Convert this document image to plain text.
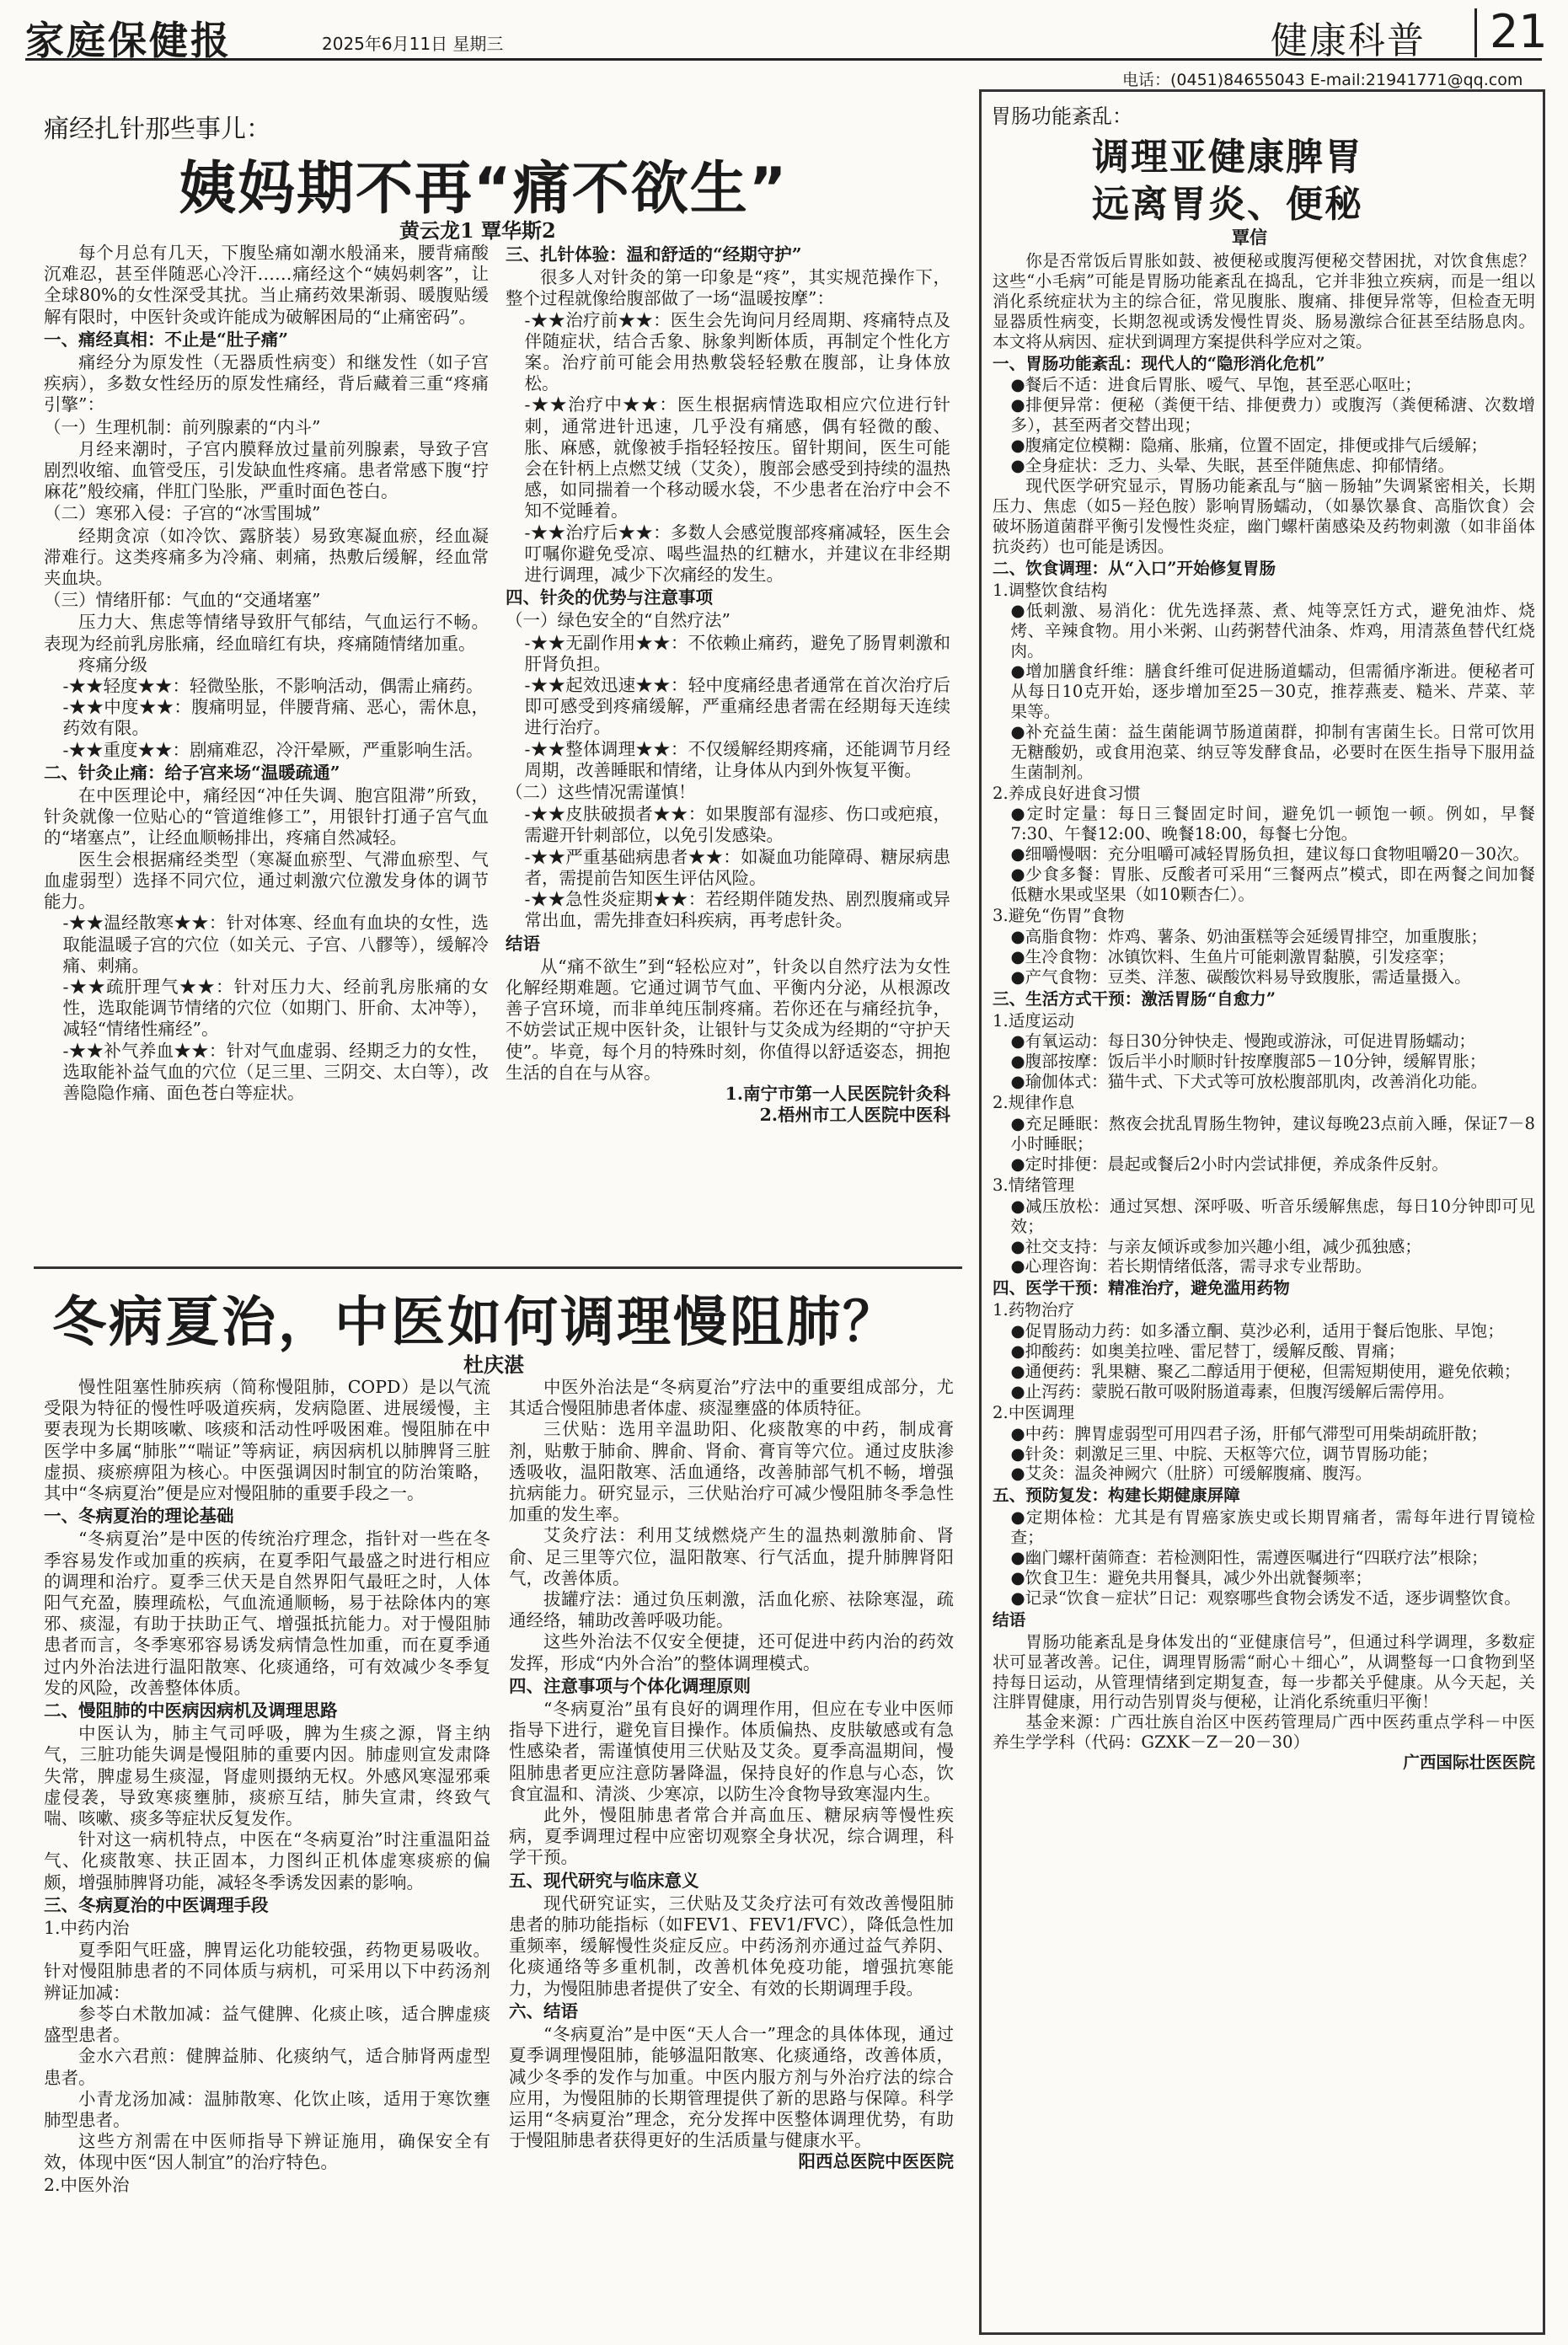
家庭保健报	2025年6月11日 星期三	健康科普 21
电话：(0451)84655043 E-mail:21941771@qq.com
痛经扎针那些事儿：
姨妈期不再“痛不欲生”
黄云龙1 覃华斯2

每个月总有几天，下腹坠痛如潮水般涌来，腰背痛酸沉难忍，甚至伴随恶心冷汗……痛经这个“姨妈刺客”，让全球80%的女性深受其扰。当止痛药效果渐弱、暖腹贴缓解有限时，中医针灸或许能成为破解困局的“止痛密码”。

一、痛经真相：不止是“肚子痛”

痛经分为原发性（无器质性病变）和继发性（如子宫疾病），多数女性经历的原发性痛经，背后藏着三重“疼痛引擎”：

（一）生理机制：前列腺素的“内斗”

月经来潮时，子宫内膜释放过量前列腺素，导致子宫剧烈收缩、血管受压，引发缺血性疼痛。患者常感下腹“拧麻花”般绞痛，伴肛门坠胀，严重时面色苍白。

（二）寒邪入侵：子宫的“冰雪围城”

经期贪凉（如冷饮、露脐装）易致寒凝血瘀，经血凝滞难行。这类疼痛多为冷痛、刺痛，热敷后缓解，经血常夹血块。

（三）情绪肝郁：气血的“交通堵塞”

压力大、焦虑等情绪导致肝气郁结，气血运行不畅。表现为经前乳房胀痛，经血暗红有块，疼痛随情绪加重。

疼痛分级

-★★轻度★★：轻微坠胀，不影响活动，偶需止痛药。

-★★中度★★：腹痛明显，伴腰背痛、恶心，需休息，药效有限。

-★★重度★★：剧痛难忍，冷汗晕厥，严重影响生活。

二、针灸止痛：给子宫来场“温暖疏通”

在中医理论中，痛经因“冲任失调、胞宫阻滞”所致，针灸就像一位贴心的“管道维修工”，用银针打通子宫气血的“堵塞点”，让经血顺畅排出，疼痛自然减轻。

医生会根据痛经类型（寒凝血瘀型、气滞血瘀型、气血虚弱型）选择不同穴位，通过刺激穴位激发身体的调节能力。

-★★温经散寒★★：针对体寒、经血有血块的女性，选取能温暖子宫的穴位（如关元、子宫、八髎等），缓解冷痛、刺痛。

-★★疏肝理气★★：针对压力大、经前乳房胀痛的女性，选取能调节情绪的穴位（如期门、肝俞、太冲等），减轻“情绪性痛经”。

-★★补气养血★★：针对气血虚弱、经期乏力的女性，选取能补益气血的穴位（足三里、三阴交、太白等），改善隐隐作痛、面色苍白等症状。

三、扎针体验：温和舒适的“经期守护”

很多人对针灸的第一印象是“疼”，其实规范操作下，整个过程就像给腹部做了一场“温暖按摩”：

-★★治疗前★★：医生会先询问月经周期、疼痛特点及伴随症状，结合舌象、脉象判断体质，再制定个性化方案。治疗前可能会用热敷袋轻轻敷在腹部，让身体放松。

-★★治疗中★★：医生根据病情选取相应穴位进行针刺，通常进针迅速，几乎没有痛感，偶有轻微的酸、胀、麻感，就像被手指轻轻按压。留针期间，医生可能会在针柄上点燃艾绒（艾灸），腹部会感受到持续的温热感，如同揣着一个移动暖水袋，不少患者在治疗中会不知不觉睡着。

-★★治疗后★★：多数人会感觉腹部疼痛减轻，医生会叮嘱你避免受凉、喝些温热的红糖水，并建议在非经期进行调理，减少下次痛经的发生。

四、针灸的优势与注意事项

（一）绿色安全的“自然疗法”

-★★无副作用★★：不依赖止痛药，避免了肠胃刺激和肝肾负担。

-★★起效迅速★★：轻中度痛经患者通常在首次治疗后即可感受到疼痛缓解，严重痛经患者需在经期每天连续进行治疗。

-★★整体调理★★：不仅缓解经期疼痛，还能调节月经周期，改善睡眠和情绪，让身体从内到外恢复平衡。

（二）这些情况需谨慎！

-★★皮肤破损者★★：如果腹部有湿疹、伤口或疤痕，需避开针刺部位，以免引发感染。

-★★严重基础病患者★★：如凝血功能障碍、糖尿病患者，需提前告知医生评估风险。

-★★急性炎症期★★：若经期伴随发热、剧烈腹痛或异常出血，需先排查妇科疾病，再考虑针灸。

结语

从“痛不欲生”到“轻松应对”，针灸以自然疗法为女性化解经期难题。它通过调节气血、平衡内分泌，从根源改善子宫环境，而非单纯压制疼痛。若你还在与痛经抗争，不妨尝试正规中医针灸，让银针与艾灸成为经期的“守护天使”。毕竟，每个月的特殊时刻，你值得以舒适姿态，拥抱生活的自在与从容。

1.南宁市第一人民医院针灸科

2.梧州市工人医院中医科

冬病夏治，中医如何调理慢阻肺？
杜庆湛

慢性阻塞性肺疾病（简称慢阻肺，COPD）是以气流受限为特征的慢性呼吸道疾病，发病隐匿、进展缓慢，主要表现为长期咳嗽、咳痰和活动性呼吸困难。慢阻肺在中医学中多属“肺胀”“喘证”等病证，病因病机以肺脾肾三脏虚损、痰瘀痹阻为核心。中医强调因时制宜的防治策略，其中“冬病夏治”便是应对慢阻肺的重要手段之一。

一、冬病夏治的理论基础

“冬病夏治”是中医的传统治疗理念，指针对一些在冬季容易发作或加重的疾病，在夏季阳气最盛之时进行相应的调理和治疗。夏季三伏天是自然界阳气最旺之时，人体阳气充盈，腠理疏松，气血流通顺畅，易于祛除体内的寒邪、痰湿，有助于扶助正气、增强抵抗能力。对于慢阻肺患者而言，冬季寒邪容易诱发病情急性加重，而在夏季通过内外治法进行温阳散寒、化痰通络，可有效减少冬季复发的风险，改善整体体质。

二、慢阻肺的中医病因病机及调理思路

中医认为，肺主气司呼吸，脾为生痰之源，肾主纳气，三脏功能失调是慢阻肺的重要内因。肺虚则宣发肃降失常，脾虚易生痰湿，肾虚则摄纳无权。外感风寒湿邪乘虚侵袭，导致寒痰壅肺，痰瘀互结，肺失宣肃，终致气喘、咳嗽、痰多等症状反复发作。

针对这一病机特点，中医在“冬病夏治”时注重温阳益气、化痰散寒、扶正固本，力图纠正机体虚寒痰瘀的偏颇，增强肺脾肾功能，减轻冬季诱发因素的影响。

三、冬病夏治的中医调理手段

1.中药内治

夏季阳气旺盛，脾胃运化功能较强，药物更易吸收。针对慢阻肺患者的不同体质与病机，可采用以下中药汤剂辨证加减：

参苓白术散加减：益气健脾、化痰止咳，适合脾虚痰盛型患者。

金水六君煎：健脾益肺、化痰纳气，适合肺肾两虚型患者。

小青龙汤加减：温肺散寒、化饮止咳，适用于寒饮壅肺型患者。

这些方剂需在中医师指导下辨证施用，确保安全有效，体现中医“因人制宜”的治疗特色。

2.中医外治

中医外治法是“冬病夏治”疗法中的重要组成部分，尤其适合慢阻肺患者体虚、痰湿壅盛的体质特征。

三伏贴：选用辛温助阳、化痰散寒的中药，制成膏剂，贴敷于肺俞、脾俞、肾俞、膏肓等穴位。通过皮肤渗透吸收，温阳散寒、活血通络，改善肺部气机不畅，增强抗病能力。研究显示，三伏贴治疗可减少慢阻肺冬季急性加重的发生率。

艾灸疗法：利用艾绒燃烧产生的温热刺激肺俞、肾俞、足三里等穴位，温阳散寒、行气活血，提升肺脾肾阳气，改善体质。

拔罐疗法：通过负压刺激，活血化瘀、祛除寒湿，疏通经络，辅助改善呼吸功能。

这些外治法不仅安全便捷，还可促进中药内治的药效发挥，形成“内外合治”的整体调理模式。

四、注意事项与个体化调理原则

“冬病夏治”虽有良好的调理作用，但应在专业中医师指导下进行，避免盲目操作。体质偏热、皮肤敏感或有急性感染者，需谨慎使用三伏贴及艾灸。夏季高温期间，慢阻肺患者更应注意防暑降温，保持良好的作息与心态，饮食宜温和、清淡、少寒凉，以防生冷食物导致寒湿内生。

此外，慢阻肺患者常合并高血压、糖尿病等慢性疾病，夏季调理过程中应密切观察全身状况，综合调理，科学干预。

五、现代研究与临床意义

现代研究证实，三伏贴及艾灸疗法可有效改善慢阻肺患者的肺功能指标（如FEV1、FEV1/FVC），降低急性加重频率，缓解慢性炎症反应。中药汤剂亦通过益气养阴、化痰通络等多重机制，改善机体免疫功能，增强抗寒能力，为慢阻肺患者提供了安全、有效的长期调理手段。

六、结语

“冬病夏治”是中医“天人合一”理念的具体体现，通过夏季调理慢阻肺，能够温阳散寒、化痰通络，改善体质，减少冬季的发作与加重。中医内服方剂与外治疗法的综合应用，为慢阻肺的长期管理提供了新的思路与保障。科学运用“冬病夏治”理念，充分发挥中医整体调理优势，有助于慢阻肺患者获得更好的生活质量与健康水平。

阳西总医院中医医院

胃肠功能紊乱：
调理亚健康脾胃
远离胃炎、便秘
覃信

你是否常饭后胃胀如鼓、被便秘或腹泻便秘交替困扰，对饮食焦虑？这些“小毛病”可能是胃肠功能紊乱在捣乱，它并非独立疾病，而是一组以消化系统症状为主的综合征，常见腹胀、腹痛、排便异常等，但检查无明显器质性病变，长期忽视或诱发慢性胃炎、肠易激综合征甚至结肠息肉。本文将从病因、症状到调理方案提供科学应对之策。

一、胃肠功能紊乱：现代人的“隐形消化危机”

●餐后不适：进食后胃胀、嗳气、早饱，甚至恶心呕吐；

●排便异常：便秘（粪便干结、排便费力）或腹泻（粪便稀溏、次数增多），甚至两者交替出现；

●腹痛定位模糊：隐痛、胀痛，位置不固定，排便或排气后缓解；

●全身症状：乏力、头晕、失眠，甚至伴随焦虑、抑郁情绪。

现代医学研究显示，胃肠功能紊乱与“脑－肠轴”失调紧密相关，长期压力、焦虑（如5－羟色胺）影响胃肠蠕动，（如暴饮暴食、高脂饮食）会破坏肠道菌群平衡引发慢性炎症，幽门螺杆菌感染及药物刺激（如非甾体抗炎药）也可能是诱因。

二、饮食调理：从“入口”开始修复胃肠

1.调整饮食结构

●低刺激、易消化：优先选择蒸、煮、炖等烹饪方式，避免油炸、烧烤、辛辣食物。用小米粥、山药粥替代油条、炸鸡，用清蒸鱼替代红烧肉。

●增加膳食纤维：膳食纤维可促进肠道蠕动，但需循序渐进。便秘者可从每日10克开始，逐步增加至25－30克，推荐燕麦、糙米、芹菜、苹果等。

●补充益生菌：益生菌能调节肠道菌群，抑制有害菌生长。日常可饮用无糖酸奶，或食用泡菜、纳豆等发酵食品，必要时在医生指导下服用益生菌制剂。

2.养成良好进食习惯

●定时定量：每日三餐固定时间，避免饥一顿饱一顿。例如，早餐7:30、午餐12:00、晚餐18:00，每餐七分饱。

●细嚼慢咽：充分咀嚼可减轻胃肠负担，建议每口食物咀嚼20－30次。

●少食多餐：胃胀、反酸者可采用“三餐两点”模式，即在两餐之间加餐低糖水果或坚果（如10颗杏仁）。

3.避免“伤胃”食物

●高脂食物：炸鸡、薯条、奶油蛋糕等会延缓胃排空，加重腹胀；

●生冷食物：冰镇饮料、生鱼片可能刺激胃黏膜，引发痉挛；

●产气食物：豆类、洋葱、碳酸饮料易导致腹胀，需适量摄入。

三、生活方式干预：激活胃肠“自愈力”

1.适度运动

●有氧运动：每日30分钟快走、慢跑或游泳，可促进胃肠蠕动；

●腹部按摩：饭后半小时顺时针按摩腹部5－10分钟，缓解胃胀；

●瑜伽体式：猫牛式、下犬式等可放松腹部肌肉，改善消化功能。

2.规律作息

●充足睡眠：熬夜会扰乱胃肠生物钟，建议每晚23点前入睡，保证7－8小时睡眠；

●定时排便：晨起或餐后2小时内尝试排便，养成条件反射。

3.情绪管理

●减压放松：通过冥想、深呼吸、听音乐缓解焦虑，每日10分钟即可见效；

●社交支持：与亲友倾诉或参加兴趣小组，减少孤独感；

●心理咨询：若长期情绪低落，需寻求专业帮助。

四、医学干预：精准治疗，避免滥用药物

1.药物治疗

●促胃肠动力药：如多潘立酮、莫沙必利，适用于餐后饱胀、早饱；

●抑酸药：如奥美拉唑、雷尼替丁，缓解反酸、胃痛；

●通便药：乳果糖、聚乙二醇适用于便秘，但需短期使用，避免依赖；

●止泻药：蒙脱石散可吸附肠道毒素，但腹泻缓解后需停用。

2.中医调理

●中药：脾胃虚弱型可用四君子汤，肝郁气滞型可用柴胡疏肝散；

●针灸：刺激足三里、中脘、天枢等穴位，调节胃肠功能；

●艾灸：温灸神阙穴（肚脐）可缓解腹痛、腹泻。

五、预防复发：构建长期健康屏障

●定期体检：尤其是有胃癌家族史或长期胃痛者，需每年进行胃镜检查；

●幽门螺杆菌筛查：若检测阳性，需遵医嘱进行“四联疗法”根除；

●饮食卫生：避免共用餐具，减少外出就餐频率；

●记录“饮食－症状”日记：观察哪些食物会诱发不适，逐步调整饮食。

结语

胃肠功能紊乱是身体发出的“亚健康信号”，但通过科学调理，多数症状可显著改善。记住，调理胃肠需“耐心＋细心”，从调整每一口食物到坚持每日运动，从管理情绪到定期复查，每一步都关乎健康。从今天起，关注胖胃健康，用行动告别胃炎与便秘，让消化系统重归平衡！

基金来源：广西壮族自治区中医药管理局广西中医药重点学科－中医养生学学科（代码：GZXK－Z－20－30）

广西国际壮医医院
